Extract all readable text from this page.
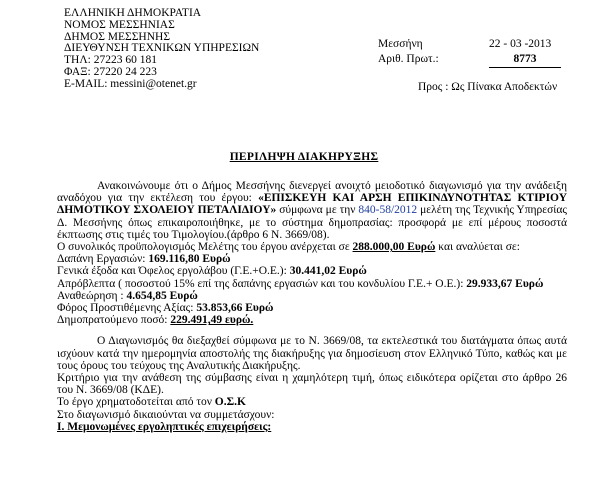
ΕΛΛΗΝΙΚΗ ΔΗΜΟΚΡΑΤΙΑ
ΝΟΜΟΣ ΜΕΣΣΗΝΙΑΣ
ΔΗΜΟΣ ΜΕΣΣΗΝΗΣ
ΔΙΕΥΘΥΝΣΗ ΤΕΧΝΙΚΩΝ ΥΠΗΡΕΣΙΩΝ
ΤΗΛ: 27223 60 181
ΦΑΞ: 27220 24 223
E-MAIL: messini@otenet.gr
Μεσσήνη	22 - 03 -2013
Αριθ. Πρωτ.:	8773
Προς : Ως Πίνακα Αποδεκτών
ΠΕΡΙΛΗΨΗ ΔΙΑΚΗΡΥΞΗΣ

Ανακοινώνουμε ότι ο Δήμος Μεσσήνης διενεργεί ανοιχτό μειοδοτικό διαγωνισμό για την ανάδειξη αναδόχου για την εκτέλεση του έργου: «ΕΠΙΣΚΕΥΗ ΚΑΙ ΑΡΣΗ ΕΠΙΚΙΝΔΥΝΟΤΗΤΑΣ ΚΤΙΡΙΟΥ ΔΗΜΟΤΙΚΟΥ ΣΧΟΛΕΙΟΥ ΠΕΤΑΛΙΔΙΟΥ» σύμφωνα με την 840-58/2012 μελέτη της Τεχνικής Υπηρεσίας Δ. Μεσσήνης όπως επικαιροποιήθηκε, με το σύστημα δημοπρασίας: προσφορά με επί μέρους ποσοστά έκπτωσης στις τιμές του Τιμολογίου.(άρθρο 6 Ν. 3669/08).

Ο συνολικός προϋπολογισμός Μελέτης του έργου ανέρχεται σε 288.000,00 Ευρώ και αναλύεται σε:

Δαπάνη Εργασιών: 169.116,80 Ευρώ

Γενικά έξοδα και Όφελος εργολάβου (Γ.Ε.+Ο.Ε.): 30.441,02 Ευρώ

Απρόβλεπτα ( ποσοστού 15% επί της δαπάνης εργασιών και του κονδυλίου Γ.Ε.+ Ο.Ε.): 29.933,67 Ευρώ

Αναθεώρηση : 4.654,85 Ευρώ

Φόρος Προστιθέμενης Αξίας: 53.853,66 Ευρώ

Δημοπρατούμενο ποσό: 229.491,49 ευρώ.

Ο Διαγωνισμός θα διεξαχθεί σύμφωνα με το Ν. 3669/08, τα εκτελεστικά του διατάγματα όπως αυτά ισχύουν κατά την ημερομηνία αποστολής της διακήρυξης για δημοσίευση στον Ελληνικό Τύπο, καθώς και με τους όρους του τεύχους της Αναλυτικής Διακήρυξης.

Κριτήριο για την ανάθεση της σύμβασης είναι η χαμηλότερη τιμή, όπως ειδικότερα ορίζεται στο άρθρο 26 του Ν. 3669/08 (ΚΔΕ).

Το έργο χρηματοδοτείται από τον Ο.Σ.Κ

Στο διαγωνισμό δικαιούνται να συμμετάσχουν:

Ι. Μεμονωμένες εργοληπτικές επιχειρήσεις:
